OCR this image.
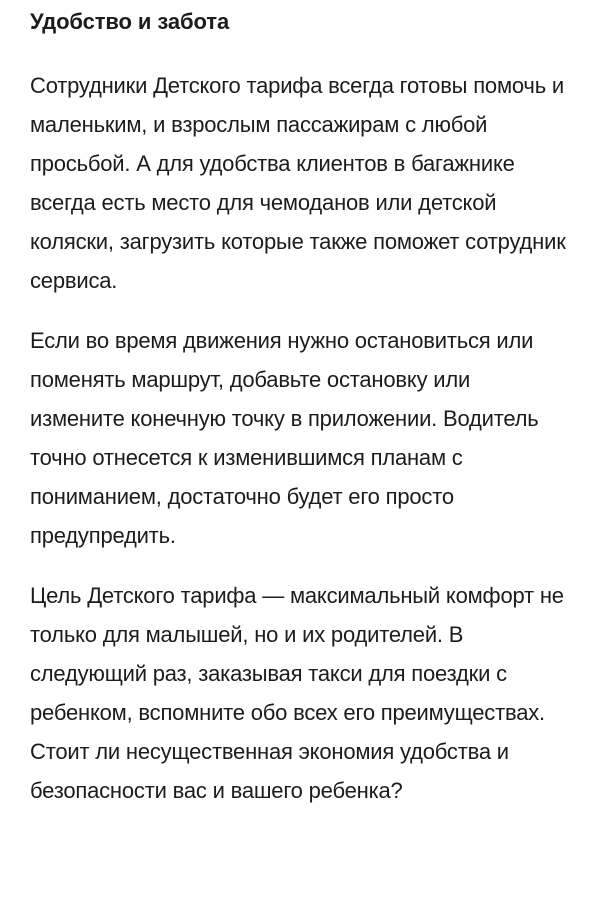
Удобство и забота

Сотрудники Детского тарифа всегда готовы помочь и маленьким, и взрослым пассажирам с любой просьбой. А для удобства клиентов в багажнике всегда есть место для чемоданов или детской коляски, загрузить которые также поможет сотрудник сервиса.

Если во время движения нужно остановиться или поменять маршрут, добавьте остановку или измените конечную точку в приложении. Водитель точно отнесется к изменившимся планам с пониманием, достаточно будет его просто предупредить.

Цель Детского тарифа — максимальный комфорт не только для малышей, но и их родителей. В следующий раз, заказывая такси для поездки с ребенком, вспомните обо всех его преимуществах. Стоит ли несущественная экономия удобства и безопасности вас и вашего ребенка?
